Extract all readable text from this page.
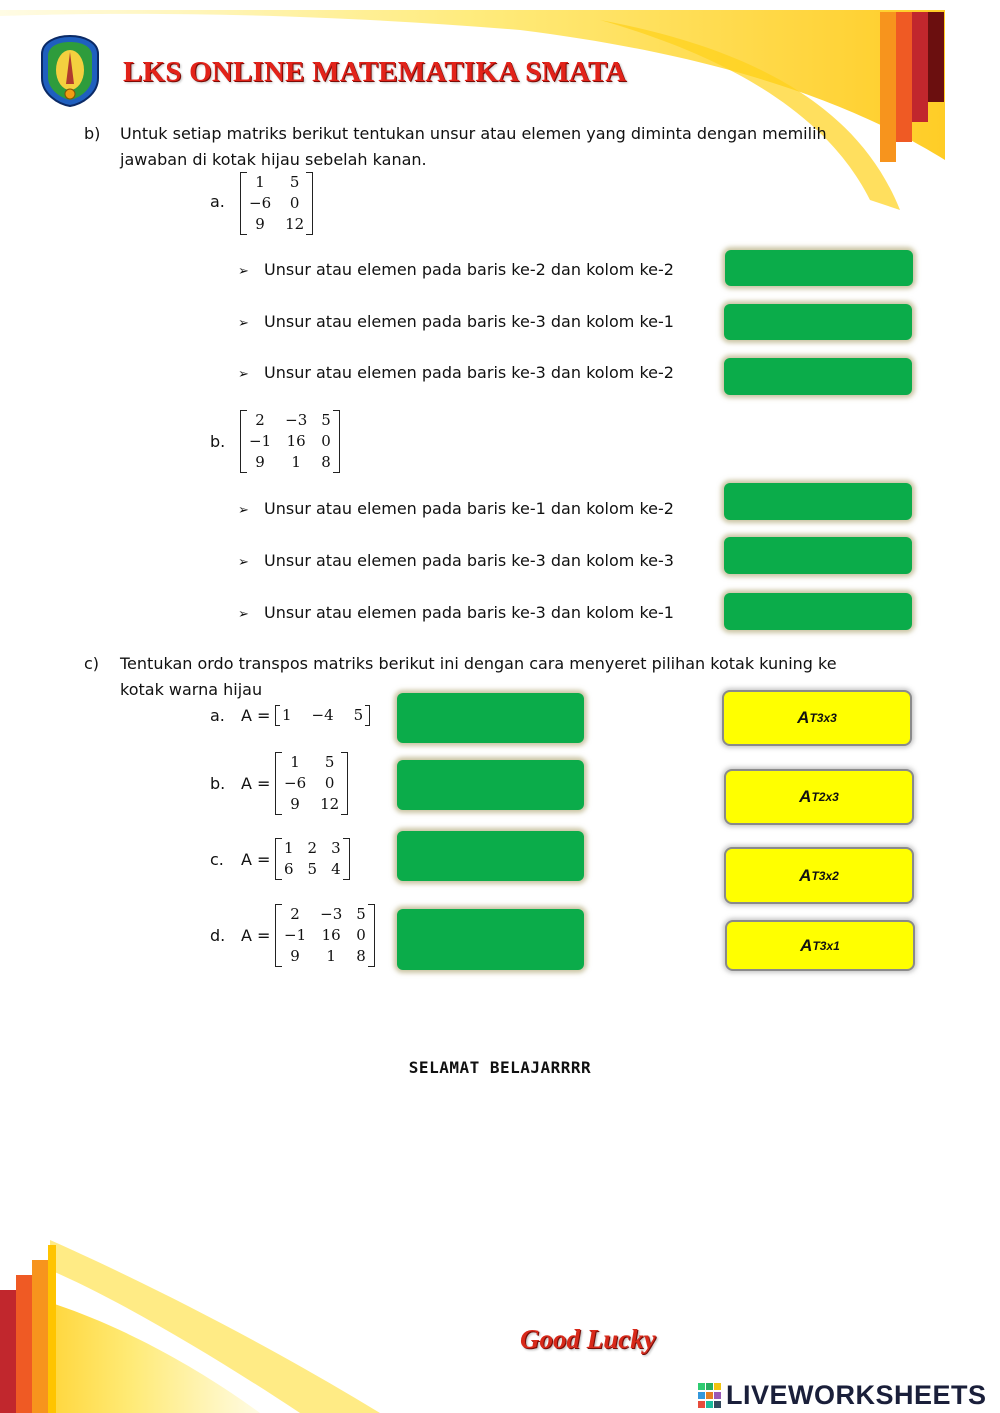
LKS ONLINE MATEMATIKA SMATA
b) Untuk setiap matriks berikut tentukan unsur atau elemen yang diminta dengan memilih
jawaban di kotak hijau sebelah kanan.
a.
1	5
−6	0
9	12
➢ Unsur atau elemen pada baris ke-2 dan kolom ke-2
➢ Unsur atau elemen pada baris ke-3 dan kolom ke-1
➢ Unsur atau elemen pada baris ke-3 dan kolom ke-2
b.
2	−3 5
−1 16 0
9	1	8
➢ Unsur atau elemen pada baris ke-1 dan kolom ke-2
➢ Unsur atau elemen pada baris ke-3 dan kolom ke-3
➢ Unsur atau elemen pada baris ke-3 dan kolom ke-1
c) Tentukan ordo transpos matriks berikut ini dengan cara menyeret pilihan kotak kuning ke
kotak warna hijau
a. A = 1 −4 5
b. A =
1	5
−6	0
9	12
c. A =
1 2 3
6 5 4
d. A =
2	−3 5
−1 16 0
9	1	8
A T 3x3
A T 2x3
A T 3x2
A T 3x1
SELAMAT BELAJARRRR
Good Lucky
LIVEWORKSHEETS
